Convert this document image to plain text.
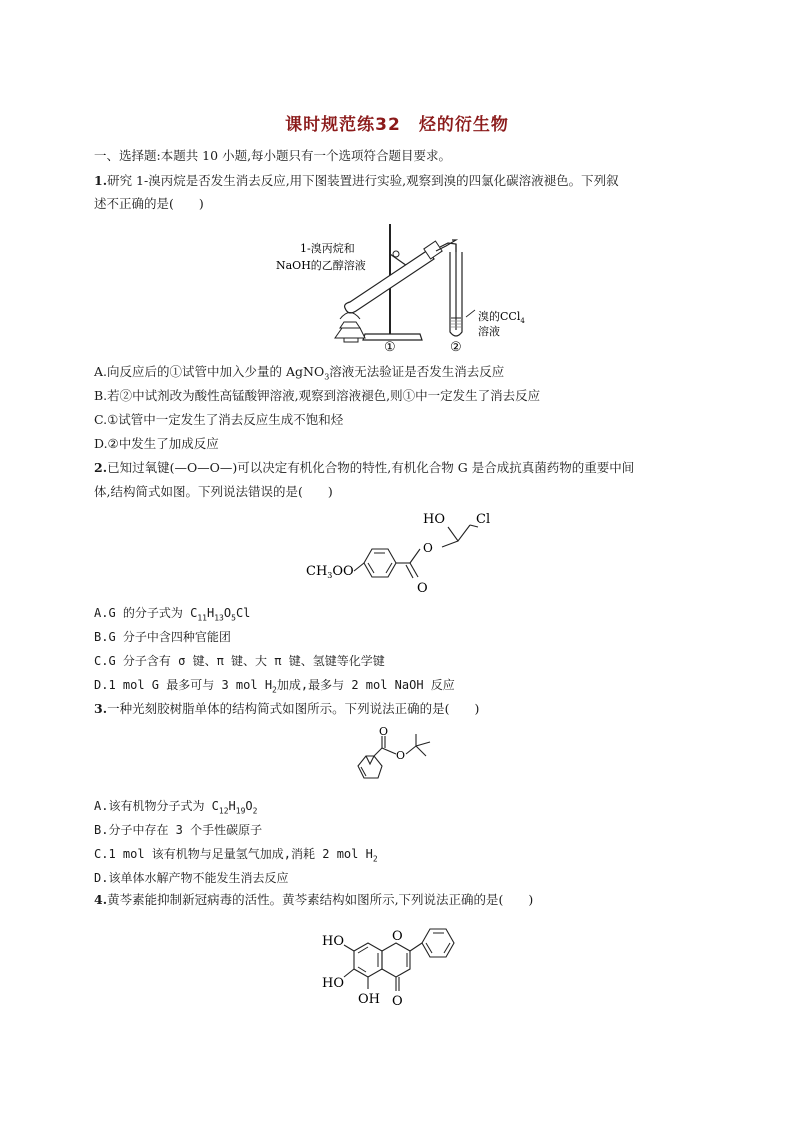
课时规范练32　烃的衍生物
一、选择题:本题共 10 小题,每小题只有一个选项符合题目要求。
1.研究 1-溴丙烷是否发生消去反应,用下图装置进行实验,观察到溴的四氯化碳溶液褪色。下列叙
述不正确的是(　　)
1-溴丙烷和
NaOH的乙醇溶液
溴的CCl$_4$
溶液
①	②
A.向反应后的①试管中加入少量的 AgNO$_3$溶液无法验证是否发生消去反应
B.若②中试剂改为酸性高锰酸钾溶液,观察到溶液褪色,则①中一定发生了消去反应
C.①试管中一定发生了消去反应生成不饱和烃
D.②中发生了加成反应
2.已知过氧键(—O—O—)可以决定有机化合物的特性,有机化合物 G 是合成抗真菌药物的重要中间
体,结构简式如图。下列说法错误的是(　　)
HO Cl
O
O
$CH_3OO$
A.G 的分子式为 $C_{11}H_{13}O_5Cl$
B.G 分子中含四种官能团
C.G 分子含有 σ 键、π 键、大 π 键、氢键等化学键
D.1 mol G 最多可与 3 mol $H_2$加成,最多与 2 mol NaOH 反应
3.一种光刻胶树脂单体的结构简式如图所示。下列说法正确的是(　　)
O
O
A.该有机物分子式为 $C_{12}H_{19}O_2$
B.分子中存在 3 个手性碳原子
C.1 mol 该有机物与足量氢气加成,消耗 2 mol $H_2$
D.该单体水解产物不能发生消去反应
4.黄芩素能抑制新冠病毒的活性。黄芩素结构如图所示,下列说法正确的是(　　)
O
O
HO
HO
OH
